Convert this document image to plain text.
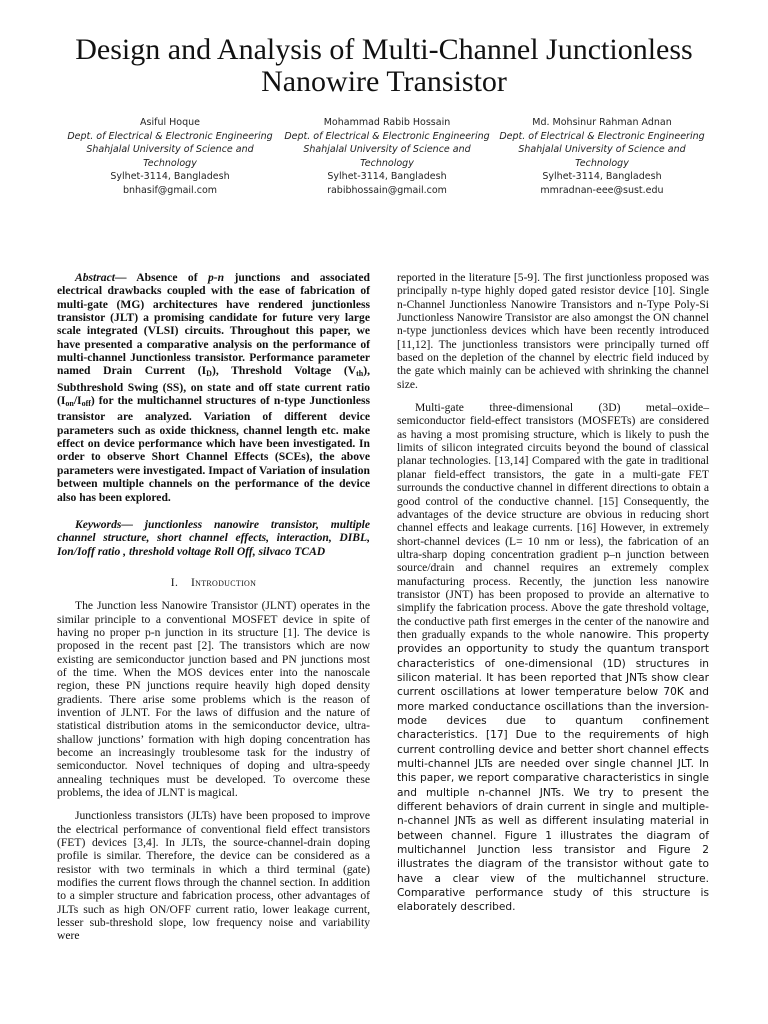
Design and Analysis of Multi-Channel Junctionless Nanowire Transistor
Asiful Hoque
Dept. of Electrical & Electronic Engineering
Shahjalal University of Science and Technology
Sylhet-3114, Bangladesh
bnhasif@gmail.com
Mohammad Rabib Hossain
Dept. of Electrical & Electronic Engineering
Shahjalal University of Science and Technology
Sylhet-3114, Bangladesh
rabibhossain@gmail.com
Md. Mohsinur Rahman Adnan
Dept. of Electrical & Electronic Engineering
Shahjalal University of Science and Technology
Sylhet-3114, Bangladesh
mmradnan-eee@sust.edu

Abstract— Absence of p-n junctions and associated electrical drawbacks coupled with the ease of fabrication of multi-gate (MG) architectures have rendered junctionless transistor (JLT) a promising candidate for future very large scale integrated (VLSI) circuits. Throughout this paper, we have presented a comparative analysis on the performance of multi-channel Junctionless transistor. Performance parameter named Drain Current $(I_D)$, Threshold Voltage $(V_{th})$, Subthreshold Swing (SS), on state and off state current ratio $(I_{on}/I_{off})$ for the multichannel structures of n-type Junctionless transistor are analyzed. Variation of different device parameters such as oxide thickness, channel length etc. make effect on device performance which have been investigated. In order to observe Short Channel Effects (SCEs), the above parameters were investigated. Impact of Variation of insulation between multiple channels on the performance of the device also has been explored.

Keywords— junctionless nanowire transistor, multiple channel structure, short channel effects, interaction, DIBL, Ion/Ioff ratio , threshold voltage Roll Off, silvaco TCAD

I. Introduction

The Junction less Nanowire Transistor (JLNT) operates in the similar principle to a conventional MOSFET device in spite of having no proper p-n junction in its structure [1]. The device is proposed in the recent past [2]. The transistors which are now existing are semiconductor junction based and PN junctions most of the time. When the MOS devices enter into the nanoscale region, these PN junctions require heavily high doped density gradients. There arise some problems which is the reason of invention of JLNT. For the laws of diffusion and the nature of statistical distribution atoms in the semiconductor device, ultra-shallow junctions’ formation with high doping concentration has become an increasingly troublesome task for the industry of semiconductor. Novel techniques of doping and ultra-speedy annealing techniques must be developed. To overcome these problems, the idea of JLNT is magical.

Junctionless transistors (JLTs) have been proposed to improve the electrical performance of conventional field effect transistors (FET) devices [3,4]. In JLTs, the source-channel-drain doping profile is similar. Therefore, the device can be considered as a resistor with two terminals in which a third terminal (gate) modifies the current flows through the channel section. In addition to a simpler structure and fabrication process, other advantages of JLTs such as high ON/OFF current ratio, lower leakage current, lesser sub-threshold slope, low frequency noise and variability were

reported in the literature [5-9]. The first junctionless proposed was principally n-type highly doped gated resistor device [10]. Single n-Channel Junctionless Nanowire Transistors and n-Type Poly-Si Junctionless Nanowire Transistor are also amongst the ON channel n-type junctionless devices which have been recently introduced [11,12]. The junctionless transistors were principally turned off based on the depletion of the channel by electric field induced by the gate which mainly can be achieved with shrinking the channel size.

Multi-gate three-dimensional (3D) metal–oxide–semiconductor field-effect transistors (MOSFETs) are considered as having a most promising structure, which is likely to push the limits of silicon integrated circuits beyond the bound of classical planar technologies. [13,14] Compared with the gate in traditional planar field-effect transistors, the gate in a multi-gate FET surrounds the conductive channel in different directions to obtain a good control of the conductive channel. [15] Consequently, the advantages of the device structure are obvious in reducing short channel effects and leakage currents. [16] However, in extremely short-channel devices (L= 10 nm or less), the fabrication of an ultra-sharp doping concentration gradient p–n junction between source/drain and channel requires an extremely complex manufacturing process. Recently, the junction less nanowire transistor (JNT) has been proposed to provide an alternative to simplify the fabrication process. Above the gate threshold voltage, the conductive path first emerges in the center of the nanowire and then gradually expands to the whole nanowire. This property provides an opportunity to study the quantum transport characteristics of one-dimensional (1D) structures in silicon material. It has been reported that JNTs show clear current oscillations at lower temperature below 70K and more marked conductance oscillations than the inversion-mode devices due to quantum confinement characteristics. [17] Due to the requirements of high current controlling device and better short channel effects multi-channel JLTs are needed over single channel JLT. In this paper, we report comparative characteristics in single and multiple n-channel JNTs. We try to present the different behaviors of drain current in single and multiple-n-channel JNTs as well as different insulating material in between channel. Figure 1 illustrates the diagram of multichannel Junction less transistor and Figure 2 illustrates the diagram of the transistor without gate to have a clear view of the multichannel structure. Comparative performance study of this structure is elaborately described.
